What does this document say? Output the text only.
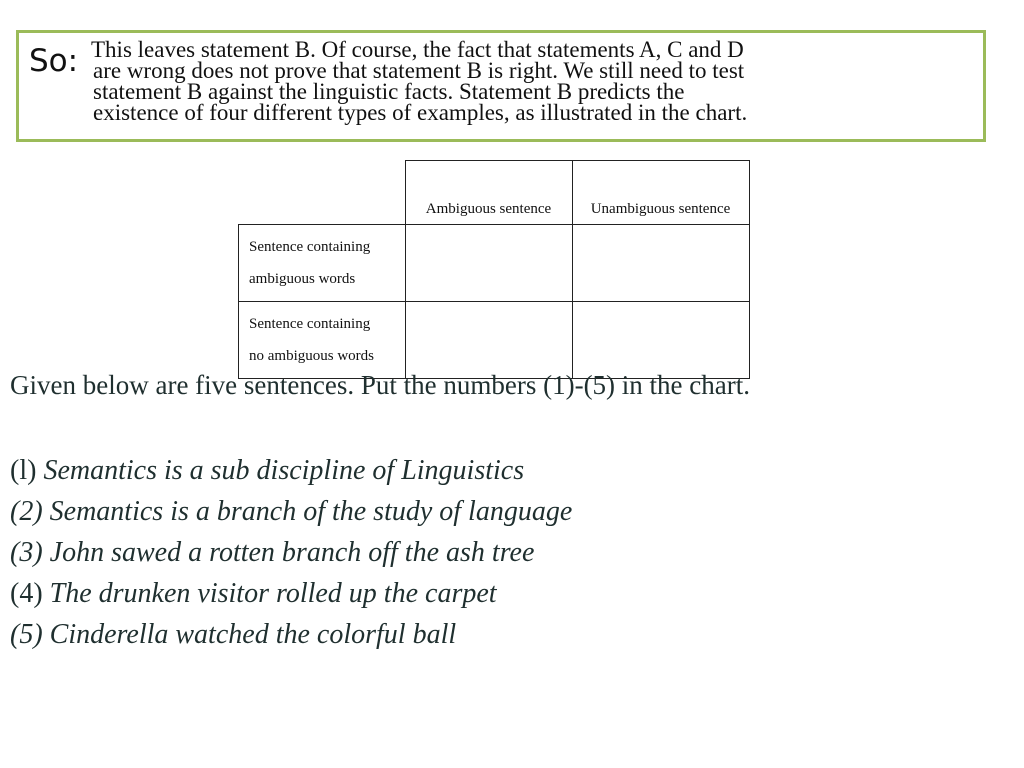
So: This leaves statement B. Of course, the fact that statements A, C and D
are wrong does not prove that statement B is right. We still need to test
statement B against the linguistic facts. Statement B predicts the
existence of four different types of examples, as illustrated in the chart.
	Ambiguous sentence	Unambiguous sentence

Sentence containing
ambiguous words		

Sentence containing
no ambiguous words		

Given below are five sentences. Put the numbers (1)-(5) in the chart.
(l) Semantics is a sub discipline of Linguistics
(2) Semantics is a branch of the study of language
(3) John sawed a rotten branch off the ash tree
(4) The drunken visitor rolled up the carpet
(5) Cinderella watched the colorful ball
